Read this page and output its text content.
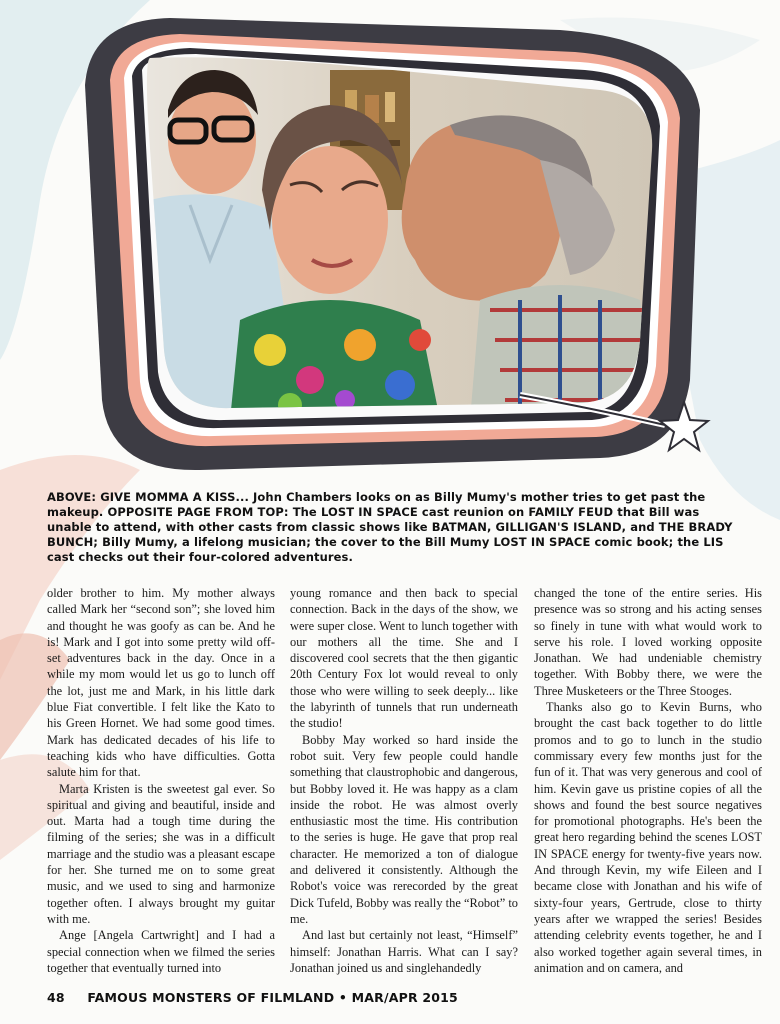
ABOVE: GIVE MOMMA A KISS... John Chambers looks on as Billy Mumy's mother tries to get past the makeup. OPPOSITE PAGE FROM TOP: The LOST IN SPACE cast reunion on FAMILY FEUD that Bill was unable to attend, with other casts from classic shows like BATMAN, GILLIGAN'S ISLAND, and THE BRADY BUNCH; Billy Mumy, a lifelong musician; the cover to the Bill Mumy LOST IN SPACE comic book; the LIS cast checks out their four-colored adventures.

older brother to him. My mother always called Mark her “second son”; she loved him and thought he was goofy as can be. And he is! Mark and I got into some pretty wild off-set adventures back in the day. Once in a while my mom would let us go to lunch off the lot, just me and Mark, in his little dark blue Fiat convertible. I felt like the Kato to his Green Hornet. We had some good times. Mark has dedicated decades of his life to teaching kids who have difficulties. Gotta salute him for that.

Marta Kristen is the sweetest gal ever. So spiritual and giving and beautiful, inside and out. Marta had a tough time during the filming of the series; she was in a difficult marriage and the studio was a pleasant escape for her. She turned me on to some great music, and we used to sing and harmonize together often. I always brought my guitar with me.

Ange [Angela Cartwright] and I had a special connection when we filmed the series together that eventually turned into

young romance and then back to special connection. Back in the days of the show, we were super close. Went to lunch together with our mothers all the time. She and I discovered cool secrets that the then gigantic 20th Century Fox lot would reveal to only those who were willing to seek deeply... like the labyrinth of tunnels that run underneath the studio!

Bobby May worked so hard inside the robot suit. Very few people could handle something that claustrophobic and dangerous, but Bobby loved it. He was happy as a clam inside the robot. He was almost overly enthusiastic most the time. His contribution to the series is huge. He gave that prop real character. He memorized a ton of dialogue and delivered it consistently. Although the Robot's voice was rerecorded by the great Dick Tufeld, Bobby was really the “Robot” to me.

And last but certainly not least, “Himself” himself: Jonathan Harris. What can I say? Jonathan joined us and singlehandedly

changed the tone of the entire series. His presence was so strong and his acting senses so finely in tune with what would work to serve his role. I loved working opposite Jonathan. We had undeniable chemistry together. With Bobby there, we were the Three Musketeers or the Three Stooges.

Thanks also go to Kevin Burns, who brought the cast back together to do little promos and to go to lunch in the studio commissary every few months just for the fun of it. That was very generous and cool of him. Kevin gave us pristine copies of all the shows and found the best source negatives for promotional photographs. He's been the great hero regarding behind the scenes LOST IN SPACE energy for twenty-five years now. And through Kevin, my wife Eileen and I became close with Jonathan and his wife of sixty-four years, Gertrude, close to thirty years after we wrapped the series! Besides attending celebrity events together, he and I also worked together again several times, in animation and on camera, and

48 FAMOUS MONSTERS OF FILMLAND • MAR/APR 2015
